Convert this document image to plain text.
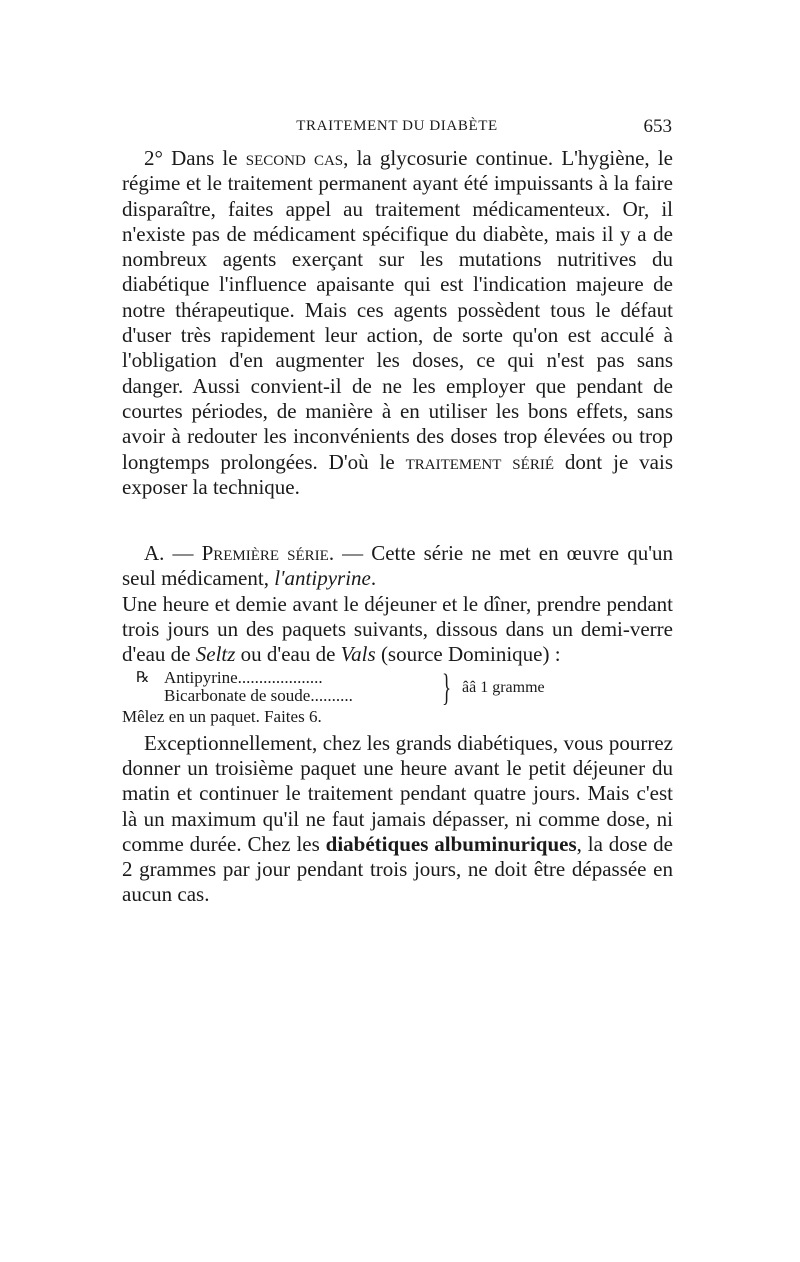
TRAITEMENT DU DIABÈTE	653

2° Dans le second cas, la glycosurie continue. L'hygiène, le régime et le traitement permanent ayant été impuissants à la faire disparaître, faites appel au traitement médicamenteux. Or, il n'existe pas de médicament spécifique du diabète, mais il y a de nombreux agents exerçant sur les mutations nutritives du diabétique l'influence apaisante qui est l'indication majeure de notre thérapeutique. Mais ces agents possèdent tous le défaut d'user très rapidement leur action, de sorte qu'on est acculé à l'obligation d'en augmenter les doses, ce qui n'est pas sans danger. Aussi convient-il de ne les employer que pendant de courtes périodes, de manière à en utiliser les bons effets, sans avoir à redouter les inconvénients des doses trop élevées ou trop longtemps prolongées. D'où le traitement sérié dont je vais exposer la technique.

A. — Première série. — Cette série ne met en œuvre qu'un seul médicament, l'antipyrine.

Une heure et demie avant le déjeuner et le dîner, prendre pendant trois jours un des paquets suivants, dissous dans un demi-verre d'eau de Seltz ou d'eau de Vals (source Dominique) :

℞ Antipyrine....................
Bicarbonate de soude.......... } ââ 1 gramme
Mêlez en un paquet. Faites 6.

Exceptionnellement, chez les grands diabétiques, vous pourrez donner un troisième paquet une heure avant le petit déjeuner du matin et continuer le traitement pendant quatre jours. Mais c'est là un maximum qu'il ne faut jamais dépasser, ni comme dose, ni comme durée. Chez les diabétiques albuminuriques, la dose de 2 grammes par jour pendant trois jours, ne doit être dépassée en aucun cas.
